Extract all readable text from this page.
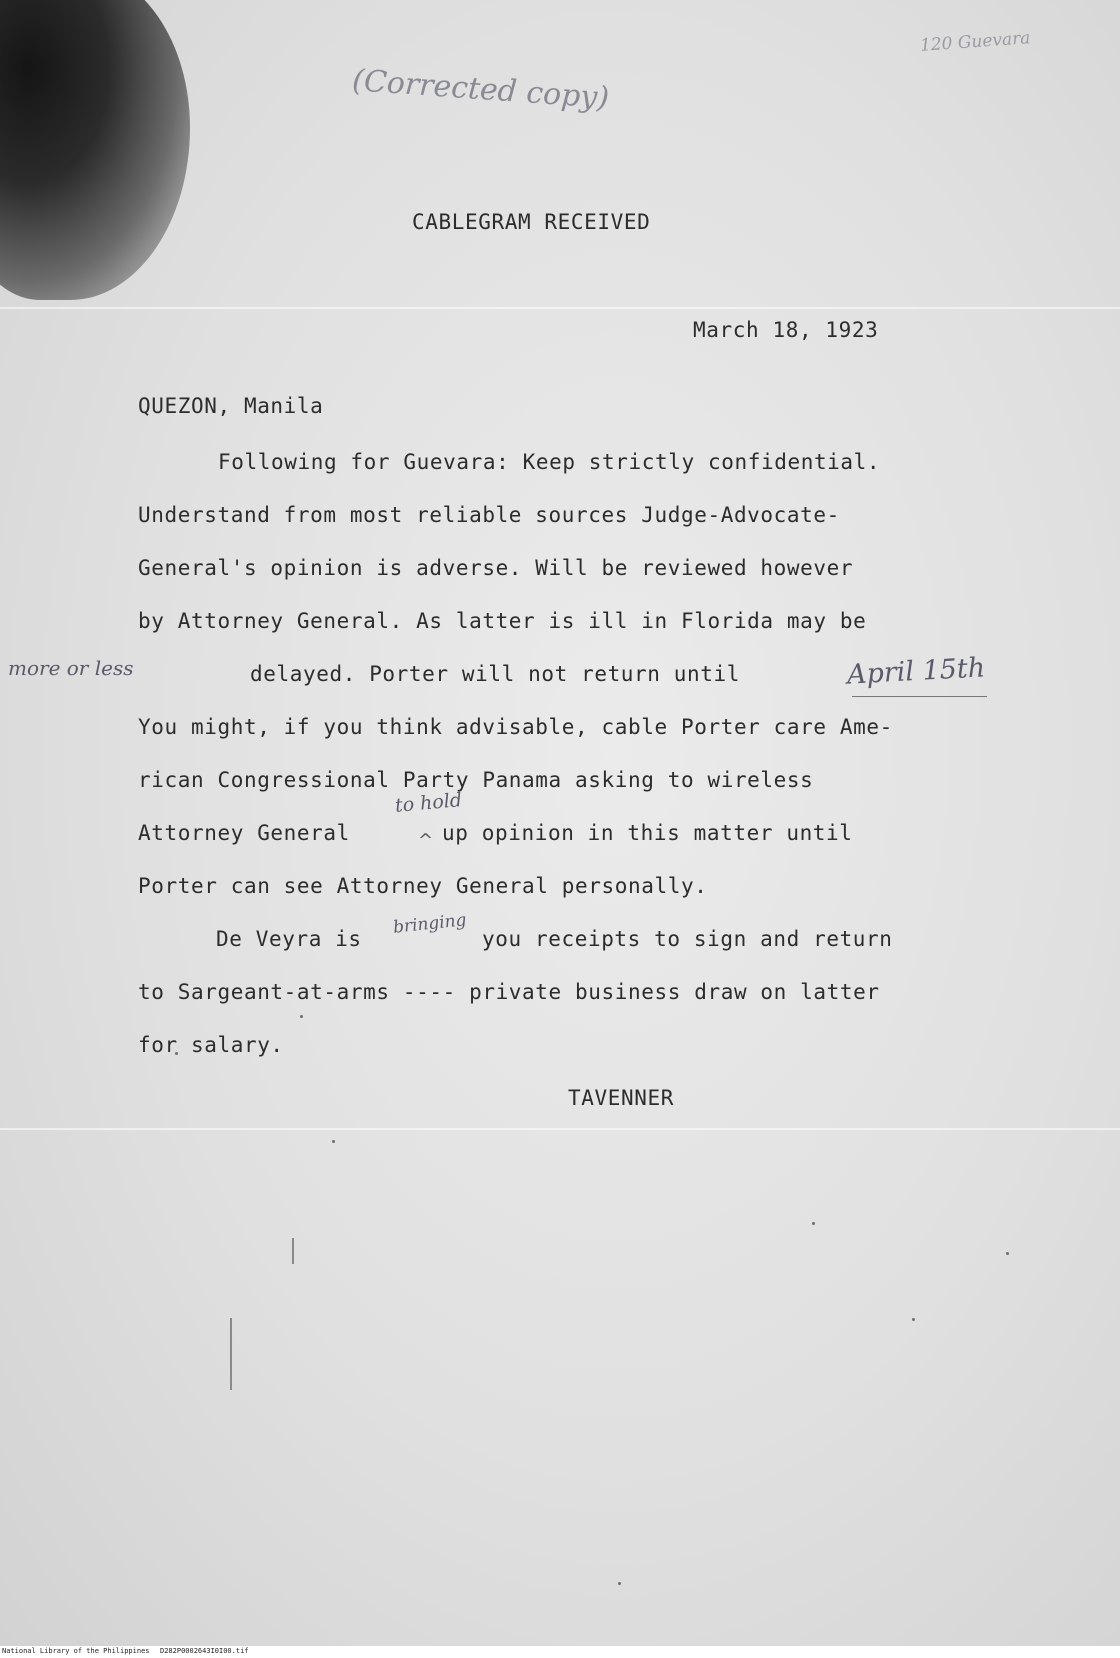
(Corrected copy)
120 Guevara
more or less	April 15th
to hold
^
bringing
CABLEGRAM RECEIVED
March 18, 1923
QUEZON, Manila
Following for Guevara: Keep strictly confidential.
Understand from most reliable sources Judge-Advocate-
General's opinion is adverse. Will be reviewed however
by Attorney General. As latter is ill in Florida may be
delayed. Porter will not return until
You might, if you think advisable, cable Porter care Ame-
rican Congressional Party Panama asking to wireless
Attorney General	up opinion in this matter until
Porter can see Attorney General personally.
De Veyra is	you receipts to sign and return
to Sargeant-at-arms ---- private business draw on latter
for salary.
TAVENNER
National Library of the Philippines D282P0002643I0I00.tif
